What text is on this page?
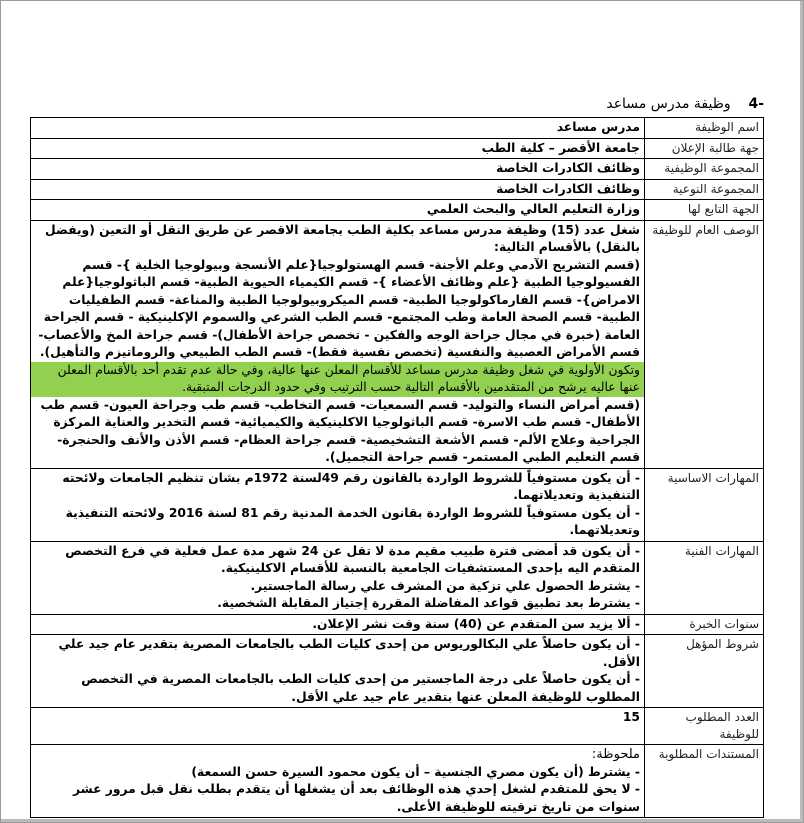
-4    وظيفة مدرس مساعد
اسم الوظيفة	مدرس مساعد
جهة طالبة الإعلان	جامعة الأقصر – كلية الطب
المجموعة الوظيفية	وظائف الكادرات الخاصة
المجموعة النوعية	وظائف الكادرات الخاصة
الجهة التابع لها	وزارة التعليم العالي والبحث العلمي
الوصف العام للوظيفة	شغل عدد (15) وظيفة مدرس مساعد بكلية الطب بجامعة الاقصر عن طريق النقل أو التعين (ويفضل بالنقل) بالأقسام التالية:

(قسم التشريح الآدمي وعلم الأجنة- قسم الهستولوجيا{علم الأنسجة وبيولوجيا الخلية }- قسم الفسيولوجيا الطبية {علم وظائف الأعضاء }- قسم الكيمياء الحيوية الطبية- قسم الباثولوجيا{علم الامراض}- قسم الفارماكولوجيا الطبية- قسم الميكروبيولوجيا الطبية والمناعة- قسم الطفيليات الطبية- قسم الصحة العامة وطب المجتمع- قسم الطب الشرعي والسموم الإكلينيكية - قسم الجراحة العامة (خبرة في مجال جراحة الوجه والفكين - تخصص جراحة الأطفال)- قسم جراحة المخ والأعصاب- قسم الأمراض العصبية والنفسية (تخصص نفسية فقط)- قسم الطب الطبيعي والروماتيزم والتأهيل).

وتكون الأولوية في شغل وظيفة مدرس مساعد للأقسام المعلن عنها عالية، وفي حالة عدم تقدم أحد بالأقسام المعلن عنها عاليه يرشح من المتقدمين بالأقسام التالية حسب الترتيب وفي حدود الدرجات المتبقية.

(قسم أمراض النساء والتوليد- قسم السمعيات- قسم التخاطب- قسم طب وجراحة العيون- قسم طب الأطفال- قسم طب الاسرة- قسم الباثولوجيا الاكلينيكية والكيميائية- قسم التخدير والعناية المركزة الجراحية وعلاج الألم- قسم الأشعة التشخيصية- قسم جراحة العظام- قسم الأذن والأنف والحنجرة- قسم التعليم الطبي المستمر- قسم جراحة التجميل).

المهارات الاساسية	- أن يكون مستوفياً للشروط الواردة بالقانون رقم 49لسنة 1972م بشان تنظيم الجامعات ولائحته التنفيذية وتعديلاتهما.

- أن يكون مستوفياً للشروط الواردة بقانون الخدمة المدنية رقم 81 لسنة 2016 ولائحته التنفيذية وتعديلاتهما.

المهارات الفنية	- أن يكون قد أمضى فترة طبيب مقيم مدة لا تقل عن 24 شهر مدة عمل فعلية في فرع التخصص المتقدم اليه بإحدى المستشفيات الجامعية بالنسبة للأقسام الاكلينيكية.

- يشترط الحصول علي تزكية من المشرف علي رسالة الماجستير.

- يشترط بعد تطبيق قواعد المفاضلة المقررة إجتياز المقابلة الشخصية.

سنوات الخبرة	- ألا يزيد سن المتقدم عن (40) سنة وقت نشر الإعلان.
شروط المؤهل	- أن يكون حاصلاً علي البكالوريوس من إحدى كليات الطب بالجامعات المصرية بتقدير عام جيد علي الأقل.

- أن يكون حاصلاً على درجة الماجستير من إحدى كليات الطب بالجامعات المصرية في التخصص المطلوب للوظيفة المعلن عنها بتقدير عام جيد علي الأقل.

العدد المطلوب للوظيفة	15
المستندات المطلوبة	ملحوظة:

- يشترط (أن يكون مصري الجنسية – أن يكون محمود السيرة حسن السمعة)

- لا يحق للمتقدم لشغل إحدي هذه الوظائف بعد أن يشغلها أن يتقدم بطلب نقل قبل مرور عشر سنوات من تاريخ ترقيته للوظيفة الأعلى.
